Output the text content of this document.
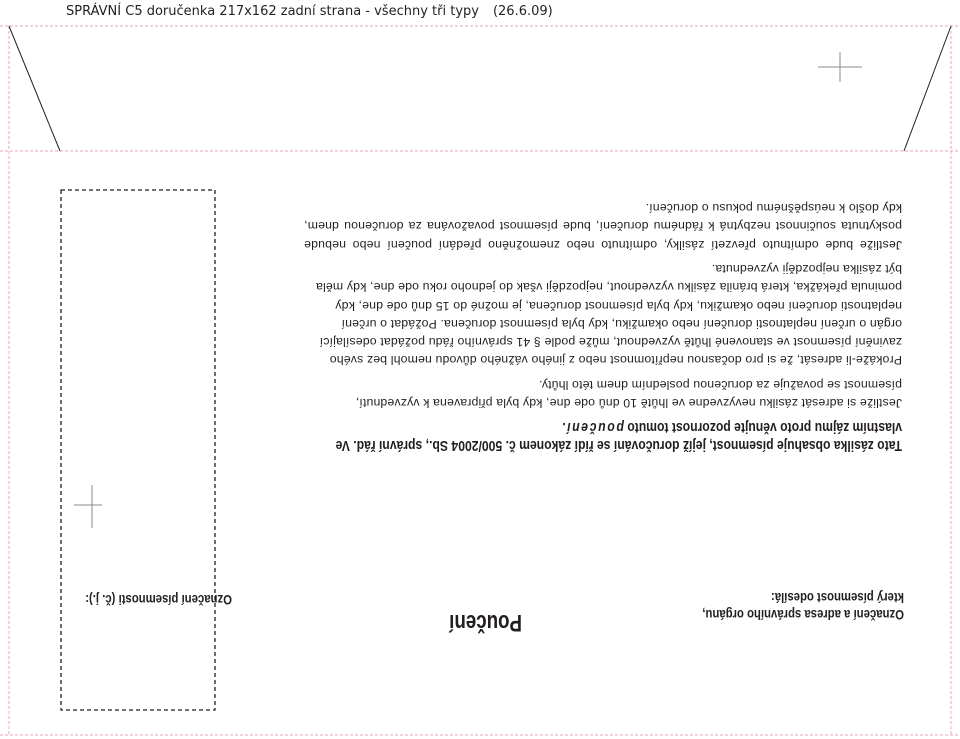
SPRÁVNÍ C5 doručenka 217x162 zadní strana - všechny tři typy (26.6.09)
Označení a adresa správního orgánu,
který písemnost odesílá:
Poučení
Označení písemnosti (č. j.):

Tato zásilka obsahuje písemnost, jejíž doručování se řídí zákonem č. 500/2004 Sb., správní řád. Ve vlastním zájmu proto věnujte pozornost tomuto poučení.

Jestliže si adresát zásilku nevyzvedne ve lhůtě 10 dnů ode dne, kdy byla připravena k vyzvednutí, písemnost se považuje za doručenou posledním dnem této lhůty.

Prokáže-li adresát, že si pro dočasnou nepřítomnost nebo z jiného vážného důvodu nemohl bez svého zavinění písemnost ve stanovené lhůtě vyzvednout, může podle § 41 správního řádu požádat odesílající orgán o určení neplatnosti doručení nebo okamžiku, kdy byla písemnost doručena. Požádat o určení neplatnosti doručení nebo okamžiku, kdy byla písemnost doručena, je možné do 15 dnů ode dne, kdy pominula překážka, která bránila zásilku vyzvednout, nejpozději však do jednoho roku ode dne, kdy měla být zásilka nejpozději vyzvednuta.

Jestliže bude odmítnuto převzetí zásilky, odmítnuto nebo znemožněno předání poučení nebo nebude poskytnuta součinnost nezbytná k řádnému doručení, bude písemnost považována za doručenou dnem, kdy došlo k neúspěšnému pokusu o doručení.
